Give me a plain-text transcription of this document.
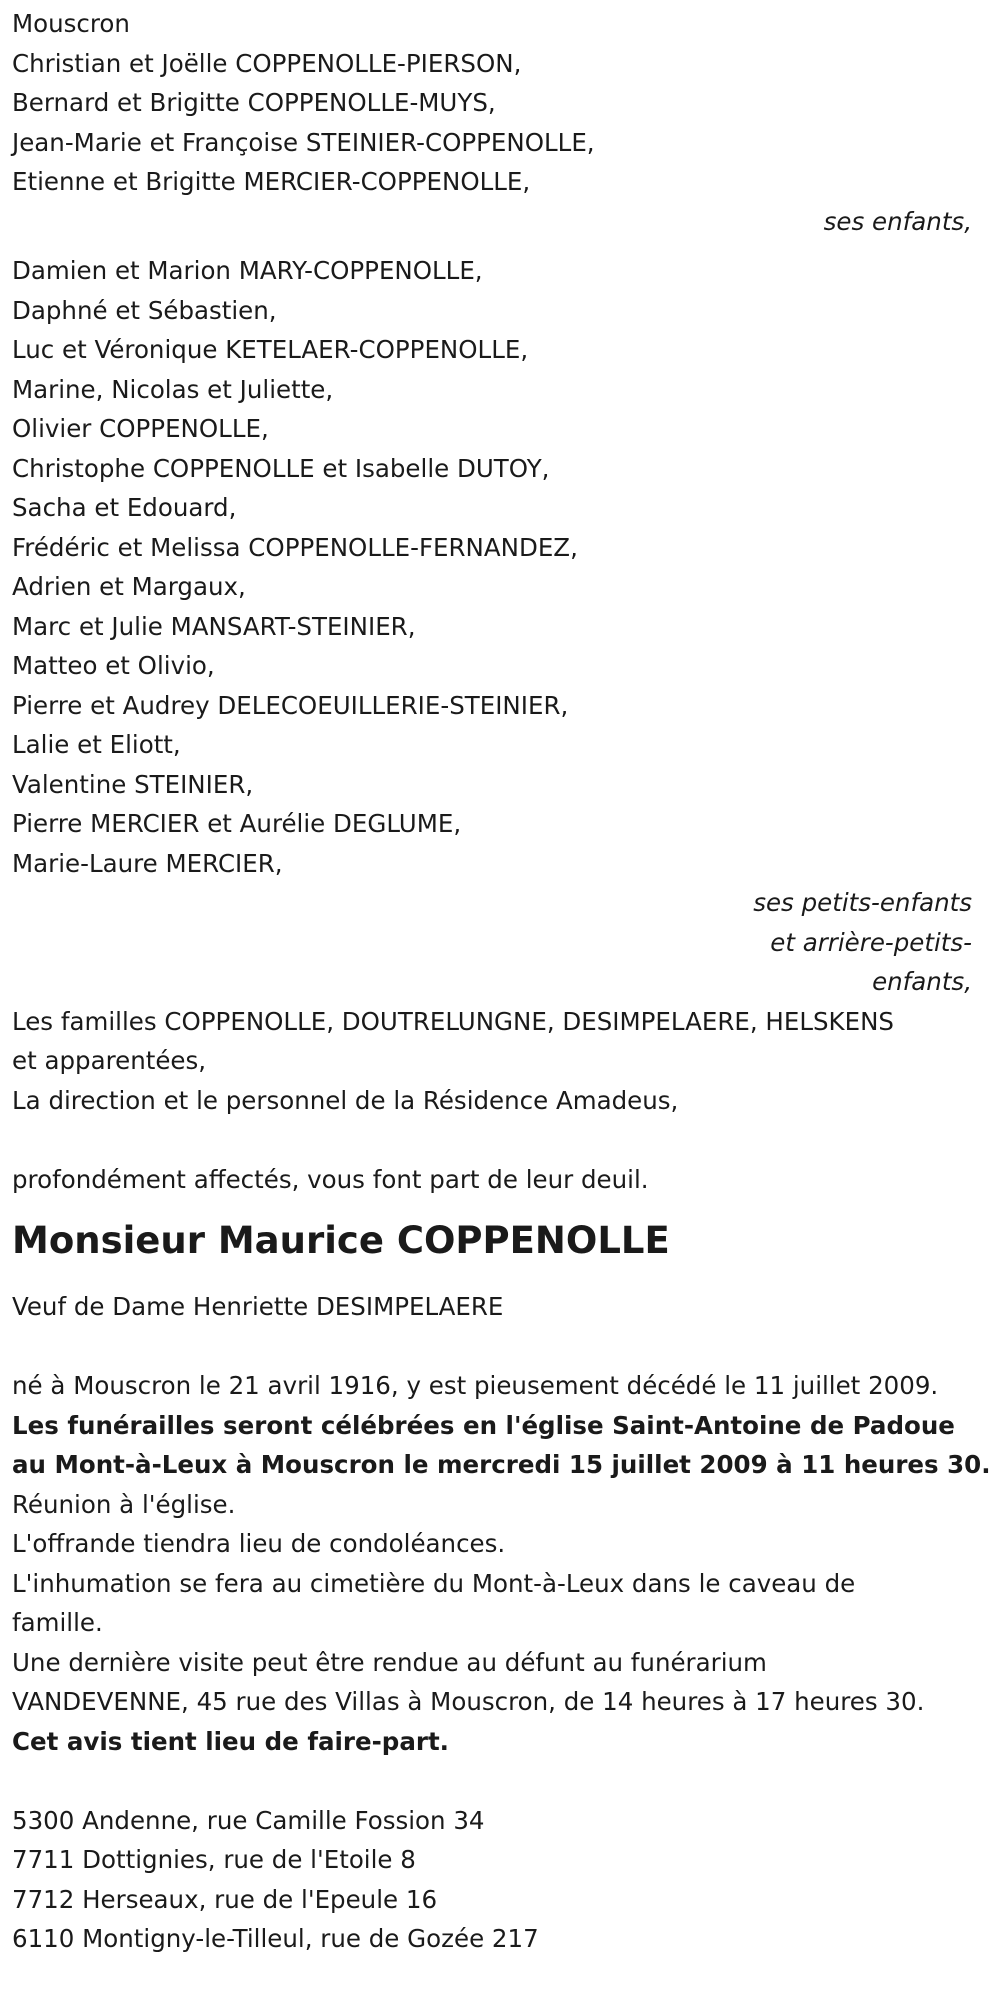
Mouscron
Christian et Joëlle COPPENOLLE-PIERSON,
Bernard et Brigitte COPPENOLLE-MUYS,
Jean-Marie et Françoise STEINIER-COPPENOLLE,
Etienne et Brigitte MERCIER-COPPENOLLE,
ses enfants,
Damien et Marion MARY-COPPENOLLE,
Daphné et Sébastien,
Luc et Véronique KETELAER-COPPENOLLE,
Marine, Nicolas et Juliette,
Olivier COPPENOLLE,
Christophe COPPENOLLE et Isabelle DUTOY,
Sacha et Edouard,
Frédéric et Melissa COPPENOLLE-FERNANDEZ,
Adrien et Margaux,
Marc et Julie MANSART-STEINIER,
Matteo et Olivio,
Pierre et Audrey DELECOEUILLERIE-STEINIER,
Lalie et Eliott,
Valentine STEINIER,
Pierre MERCIER et Aurélie DEGLUME,
Marie-Laure MERCIER,
ses petits-enfants
et arrière-petits-
enfants,
Les familles COPPENOLLE, DOUTRELUNGNE, DESIMPELAERE, HELSKENS
et apparentées,
La direction et le personnel de la Résidence Amadeus,
profondément affectés, vous font part de leur deuil.
Monsieur Maurice COPPENOLLE
Veuf de Dame Henriette DESIMPELAERE
né à Mouscron le 21 avril 1916, y est pieusement décédé le 11 juillet 2009.
Les funérailles seront célébrées en l'église Saint-Antoine de Padoue
au Mont-à-Leux à Mouscron le mercredi 15 juillet 2009 à 11 heures 30.
Réunion à l'église.
L'offrande tiendra lieu de condoléances.
L'inhumation se fera au cimetière du Mont-à-Leux dans le caveau de
famille.
Une dernière visite peut être rendue au défunt au funérarium
VANDEVENNE, 45 rue des Villas à Mouscron, de 14 heures à 17 heures 30.
Cet avis tient lieu de faire-part.
5300 Andenne, rue Camille Fossion 34
7711 Dottignies, rue de l'Etoile 8
7712 Herseaux, rue de l'Epeule 16
6110 Montigny-le-Tilleul, rue de Gozée 217
